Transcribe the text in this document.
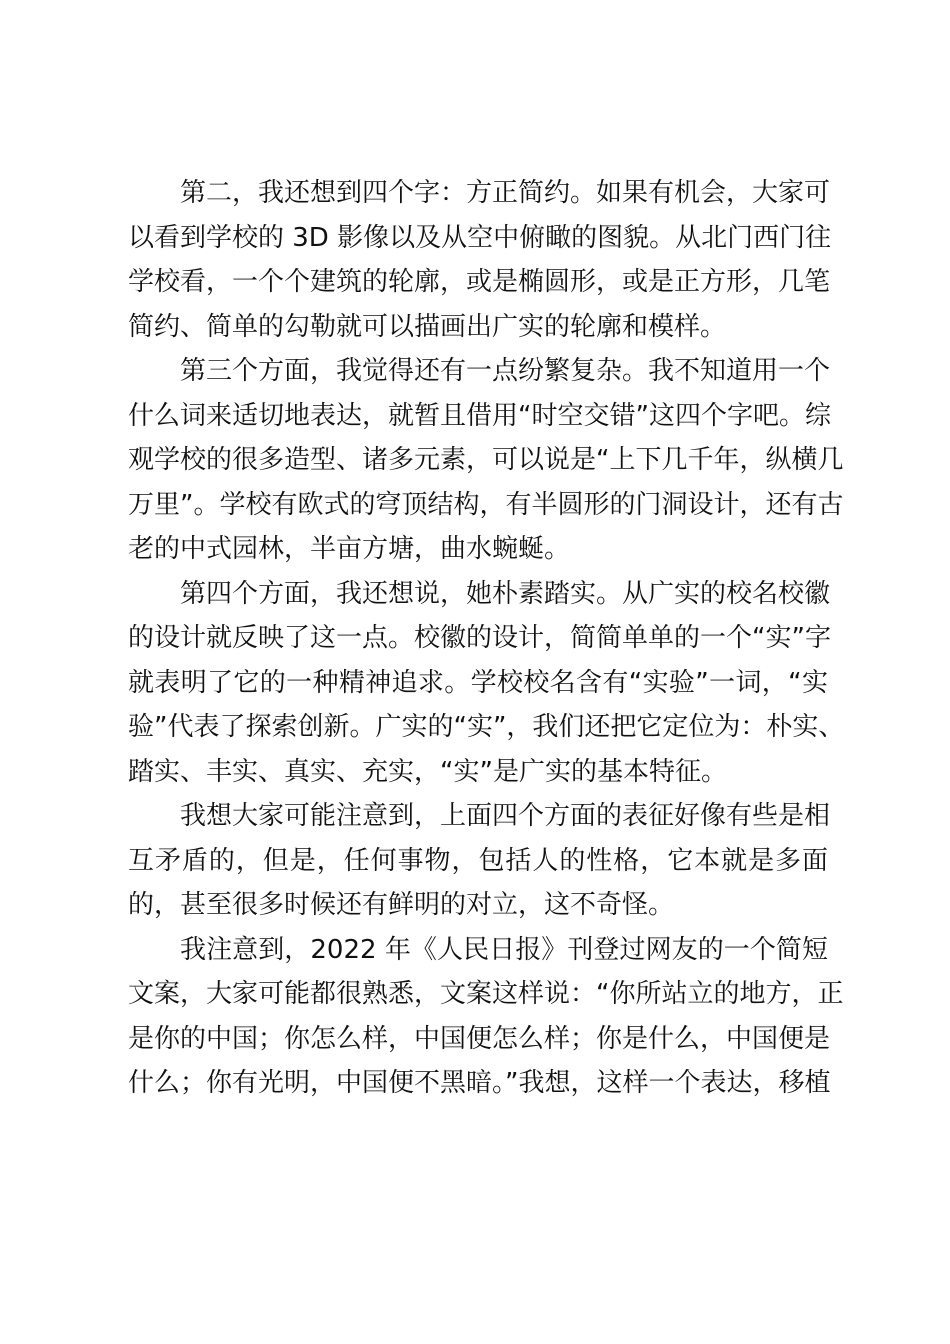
第二，我还想到四个字：方正简约。如果有机会，大家可
以看到学校的 3D 影像以及从空中俯瞰的图貌。从北门西门往
学校看，一个个建筑的轮廓，或是椭圆形，或是正方形，几笔
简约、简单的勾勒就可以描画出广实的轮廓和模样。
第三个方面，我觉得还有一点纷繁复杂。我不知道用一个
什么词来适切地表达，就暂且借用“时空交错”这四个字吧。综
观学校的很多造型、诸多元素，可以说是“上下几千年，纵横几
万里”。学校有欧式的穹顶结构，有半圆形的门洞设计，还有古
老的中式园林，半亩方塘，曲水蜿蜒。
第四个方面，我还想说，她朴素踏实。从广实的校名校徽
的设计就反映了这一点。校徽的设计，简简单单的一个“实”字
就表明了它的一种精神追求。学校校名含有“实验”一词，“实
验”代表了探索创新。广实的“实”，我们还把它定位为：朴实、
踏实、丰实、真实、充实，“实”是广实的基本特征。
我想大家可能注意到，上面四个方面的表征好像有些是相
互矛盾的，但是，任何事物，包括人的性格，它本就是多面
的，甚至很多时候还有鲜明的对立，这不奇怪。
我注意到，2022 年《人民日报》刊登过网友的一个简短
文案，大家可能都很熟悉，文案这样说：“你所站立的地方，正
是你的中国；你怎么样，中国便怎么样；你是什么，中国便是
什么；你有光明，中国便不黑暗。”我想，这样一个表达，移植
